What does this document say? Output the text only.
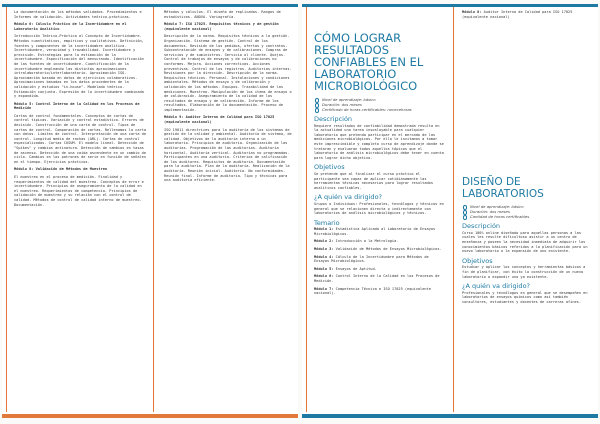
La documentación de los métodos validados. Procedimientos e Informes de validación. Actividades teórico-prácticas.

Módulo 6: Cálculo Práctico de la Incertidumbre en el Laboratorio Analítico

Introducción Teórico-Práctica al Concepto de Incertidumbre. Métodos cuantitativos, empíricos y cualitativos. Definición, fuentes y componentes de la incertidumbre analítica. Incertidumbre, veracidad y trazabilidad. Incertidumbre y precisión. Estrategias para la estimación de la incertidumbre. Especificación del mensurando. Identificación de las fuentes de incertidumbre. Cuantificación de la incertidumbre empleando las distintas aproximaciones intralaboratorio/interlaboratorio. Aproximación ISO. Aproximación basada en datos de ejercicios colaborativos. Aproximaciones basadas en los datos procedentes de la validación y estudios "in-house". Modelado teórico. Estimación conjunta. Expresión de la incertidumbre combinada y expandida.

Módulo 5: Control Interno de la Calidad en los Procesos de Medición

Cartas de control fundamentales. Conceptos de cartas de control típicas. Variación y control estadístico. Errores de decisión. Construcción de una carta de control. Tipos de cartas de control. Comparación de cartas. Rellenamos la carta con datos. Límites de control. Interpretación de una carta de control. Longitud media de rachas (ARL). Cartas de control especializadas. Cartas CUSUM. El modelo lineal. Detección de "Spikes" y cambios antinatura. Detección de cambios en tasas de ascenso. Detección de una caída ascendente en un cambio de ciclo. Cambios en los patrones de serie en función de señales en el tiempo. Ejercicios prácticos.

Módulo 8: Validación de Métodos de Muestreo

El muestreo en el proceso de medición. Finalidad y requerimientos de calidad del muestreo. Conceptos de error e incertidumbre. Principios de aseguramiento de la calidad en el muestreo. Requerimientos de competencia. Principios de validación de muestreo y su relación con el control de calidad. Métodos de control de calidad interno de muestreo. Documentación.

Métodos y cálculos. El diseño de replicados. Rangos de estadísticos. ANOVA. Variografía.

Módulo 7: ISO 17025. Requisitos técnicos y de gestión (equivalente nacional)

Descripción de la norma. Requisitos técnicos a la gestión. Organización. Sistema de gestión. Control de los documentos. Revisión de los pedidos, ofertas y contratos. Subcontratación de ensayos y de calibraciones. Compras de servicios y de suministros. Servicio al cliente. Quejas. Control de trabajos de ensayos y de calibraciones no conformes. Mejora. Acciones correctivas. Acciones preventivas. Control de los registros. Auditorías internas. Revisiones por la dirección. Descripción de la norma. Requisitos técnicos. Personal. Instalaciones y condiciones ambientales. Métodos de ensayo y de calibración y validación de los métodos. Equipos. Trazabilidad de las mediciones. Muestreo. Manipulación de los ítems de ensayo o de calibración. Aseguramiento de la calidad de los resultados de ensayo y de calibración. Informe de los resultados. Elaboración de la documentación. Proceso de implementación.

Módulo 9: Auditor Interno de Calidad para ISO 17025 (equivalente nacional)

ISO 19011 directrices para la auditoría de los sistemas de gestión de la calidad y ambiental. Auditoría de sistema, de calidad. Objetivos de la auditoría interna a un laboratorio. Principios de auditoría. Organización de las auditorías. Programación de las auditorías. Auditoría horizontal. Auditoría vertical. Auditorías no programadas. Participantes en una auditoría. Criterios de calificación de los auditores. Requisitos de auditoría. Documentación para la auditoría. Plan de la auditoría. Realización de la auditoría. Reunión inicial. Auditoría. No conformidades. Reunión final. Informe de auditoría. Tipo y técnicas para una auditoría eficiente.

CÓMO LOGRAR RESULTADOS CONFIABLES EN EL LABORATORIO MICROBIOLÓGICO
Nivel de aprendizaje: básico
Duración: dos meses
Certificado de horas certificables: novecehoras
Descripción

Requiere resultados de confiabilidad demostrada resulta en la actualidad una tarea insoslayable para cualquier laboratorio que pretenda participar en el mercado de las mediciones microbiológicas. Por ello le invitamos a tomar este imprescindible y completo curso de aprendizaje donde se trataran y evaluaran todos aquellos tópicos que el laboratorio de análisis microbiológicos debe tener en cuenta para lograr dicho objetivo.

Objetivos

Se pretende que al finalizar el curso práctico el participante sea capaz de aplicar cotidianamente las herramientas técnicas necesarias para lograr resultados analíticos confiables.

¿A quién va dirigido?

Grupos o Individuos: Profesionales, tecnólogos y técnicos en general que se relacionen directa o indirectamente con laboratorios de análisis microbiológicos y técnicos.

Temario

Módulo 1: Estadística Aplicada al Laboratorio de Ensayos Microbiológicos.

Módulo 2: Introducción a la Metrología.

Módulo 3: Validación de Métodos de Ensayos Microbiológicos.

Módulo 4: Cálculo de la Incertidumbre para Métodos de Ensayos Microbiológicos.

Módulo 5: Ensayos de Aptitud.

Módulo 6: Control Interno de la Calidad en los Procesos de Medición.

Módulo 7: Competencia Técnica e ISO 17025 (equivalente nacional).

Módulo 8: Auditor Interno de Calidad para ISO 17025 (equivalente nacional)

DISEÑO DE LABORATORIOS
Nivel de aprendizaje: básico
Duración: dos meses
Cantidad de horas certificables
Descripción

Curso 100% online diseñado para aquellas personas a las cuales les resulte dificultoso asistir a un centro de enseñanza y poseen la necesidad inmediata de adquirir los conocimientos básicos referidos a la planificación para un nuevo laboratorio o la expansión de uno existente.

Objetivos

Estudiar y aplicar los conceptos y herramientas básicos a fin de planificar, con éxito la construcción de un nuevo laboratorio o expandir uno ya existente.

¿A quién va dirigido?

Profesionales y tecnólogos en general que se desempeñen en laboratorios de ensayos químicos como así también consultores, estudiantes y docentes de carreras afines.
